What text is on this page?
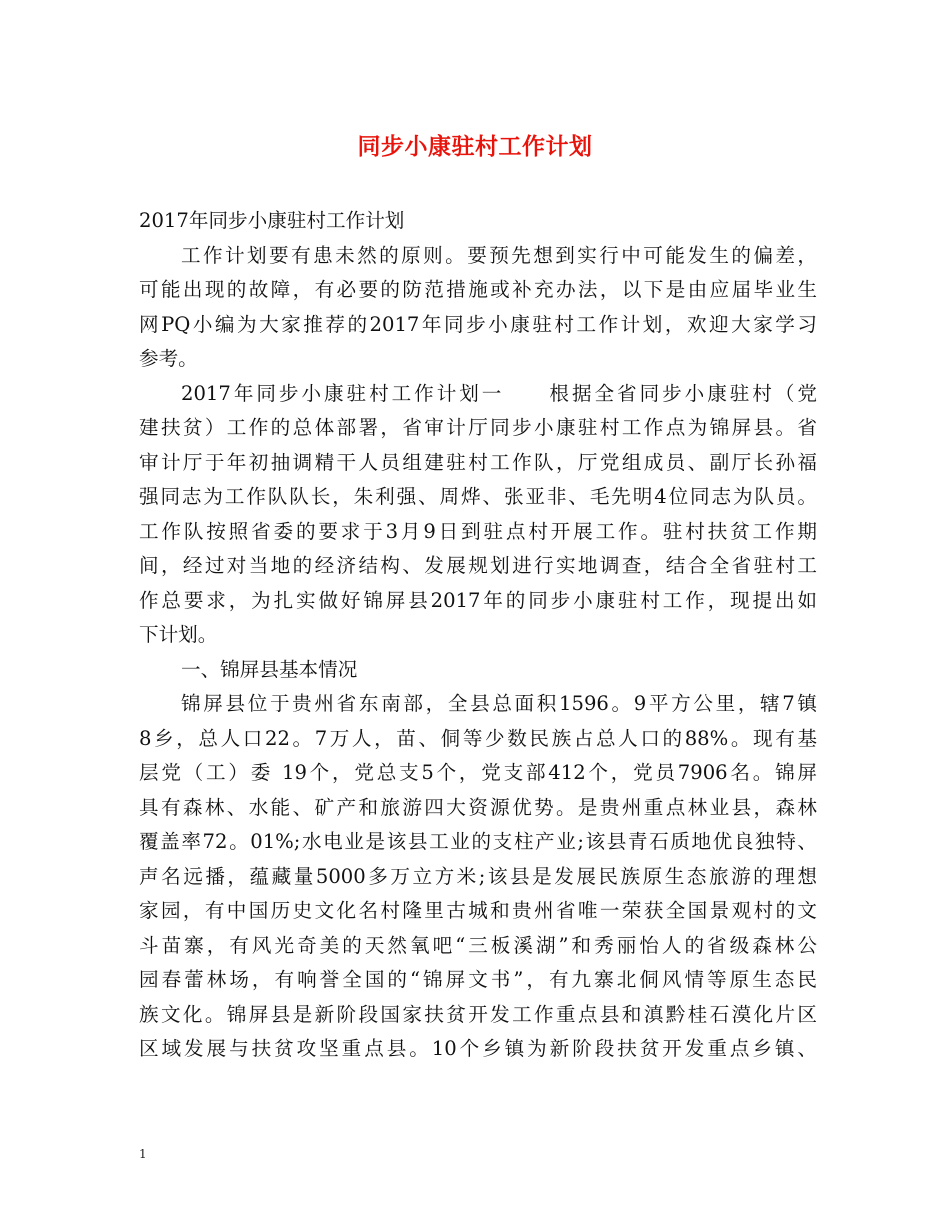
同步小康驻村工作计划
2017年同步小康驻村工作计划
工作计划要有患未然的原则。要预先想到实行中可能发生的偏差，
可能出现的故障，有必要的防范措施或补充办法，以下是由应届毕业生
网PQ小编为大家推荐的2017年同步小康驻村工作计划，欢迎大家学习
参考。
2017年同步小康驻村工作计划一　　根据全省同步小康驻村（党
建扶贫）工作的总体部署，省审计厅同步小康驻村工作点为锦屏县。省
审计厅于年初抽调精干人员组建驻村工作队，厅党组成员、副厅长孙福
强同志为工作队队长，朱利强、周烨、张亚非、毛先明4位同志为队员。
工作队按照省委的要求于3月9日到驻点村开展工作。驻村扶贫工作期
间，经过对当地的经济结构、发展规划进行实地调查，结合全省驻村工
作总要求，为扎实做好锦屏县2017年的同步小康驻村工作，现提出如
下计划。
一、锦屏县基本情况
锦屏县位于贵州省东南部，全县总面积1596。9平方公里，辖7镇
8乡，总人口22。7万人，苗、侗等少数民族占总人口的88%。现有基
层党（工）委 19个，党总支5个，党支部412个，党员7906名。锦屏
具有森林、水能、矿产和旅游四大资源优势。是贵州重点林业县，森林
覆盖率72。01%;水电业是该县工业的支柱产业;该县青石质地优良独特、
声名远播，蕴藏量5000多万立方米;该县是发展民族原生态旅游的理想
家园，有中国历史文化名村隆里古城和贵州省唯一荣获全国景观村的文
斗苗寨，有风光奇美的天然氧吧“三板溪湖”和秀丽怡人的省级森林公
园春蕾林场，有响誉全国的“锦屏文书”，有九寨北侗风情等原生态民
族文化。锦屏县是新阶段国家扶贫开发工作重点县和滇黔桂石漠化片区
区域发展与扶贫攻坚重点县。10个乡镇为新阶段扶贫开发重点乡镇、
1
